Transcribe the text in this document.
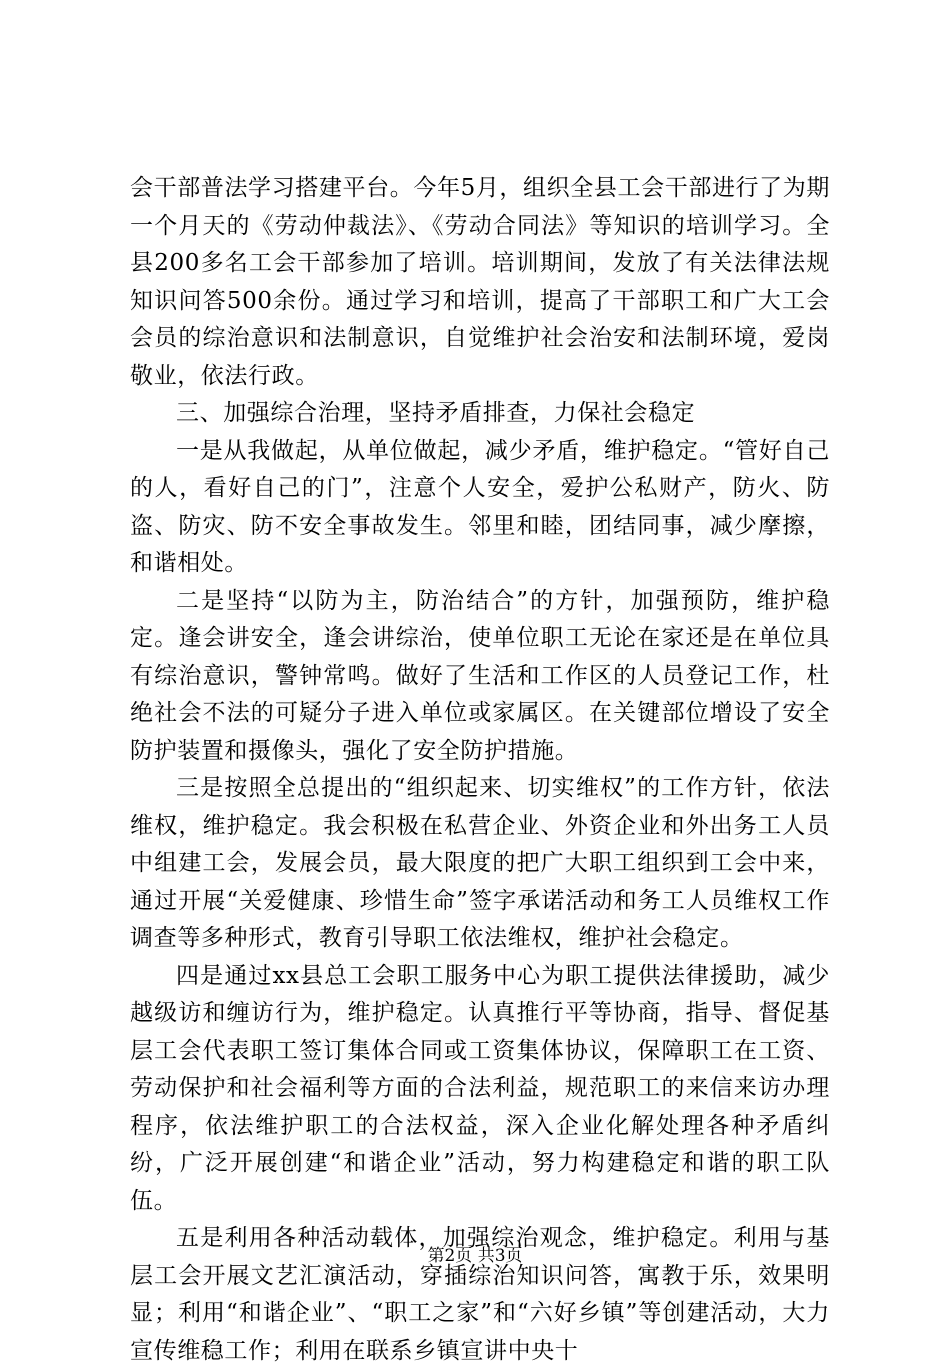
会干部普法学习搭建平台。今年5月，组织全县工会干部进行了为期一个月天的《劳动仲裁法》、《劳动合同法》等知识的培训学习。全县200多名工会干部参加了培训。培训期间，发放了有关法律法规知识问答500余份。通过学习和培训，提高了干部职工和广大工会会员的综治意识和法制意识，自觉维护社会治安和法制环境，爱岗敬业，依法行政。

三、加强综合治理，坚持矛盾排查，力保社会稳定

一是从我做起，从单位做起，减少矛盾，维护稳定。“管好自己的人，看好自己的门”，注意个人安全，爱护公私财产，防火、防盗、防灾、防不安全事故发生。邻里和睦，团结同事，减少摩擦，和谐相处。

二是坚持“以防为主，防治结合”的方针，加强预防，维护稳定。逢会讲安全，逢会讲综治，使单位职工无论在家还是在单位具有综治意识，警钟常鸣。做好了生活和工作区的人员登记工作，杜绝社会不法的可疑分子进入单位或家属区。在关键部位增设了安全防护装置和摄像头，强化了安全防护措施。

三是按照全总提出的“组织起来、切实维权”的工作方针，依法维权，维护稳定。我会积极在私营企业、外资企业和外出务工人员中组建工会，发展会员，最大限度的把广大职工组织到工会中来，通过开展“关爱健康、珍惜生命”签字承诺活动和务工人员维权工作调查等多种形式，教育引导职工依法维权，维护社会稳定。

四是通过xx县总工会职工服务中心为职工提供法律援助，减少越级访和缠访行为，维护稳定。认真推行平等协商，指导、督促基层工会代表职工签订集体合同或工资集体协议，保障职工在工资、劳动保护和社会福利等方面的合法利益，规范职工的来信来访办理程序，依法维护职工的合法权益，深入企业化解处理各种矛盾纠纷，广泛开展创建“和谐企业”活动，努力构建稳定和谐的职工队伍。

五是利用各种活动载体，加强综治观念，维护稳定。利用与基层工会开展文艺汇演活动，穿插综治知识问答，寓教于乐，效果明显；利用“和谐企业”、“职工之家”和“六好乡镇”等创建活动，大力宣传维稳工作；利用在联系乡镇宣讲中央十

第2页 共3页
